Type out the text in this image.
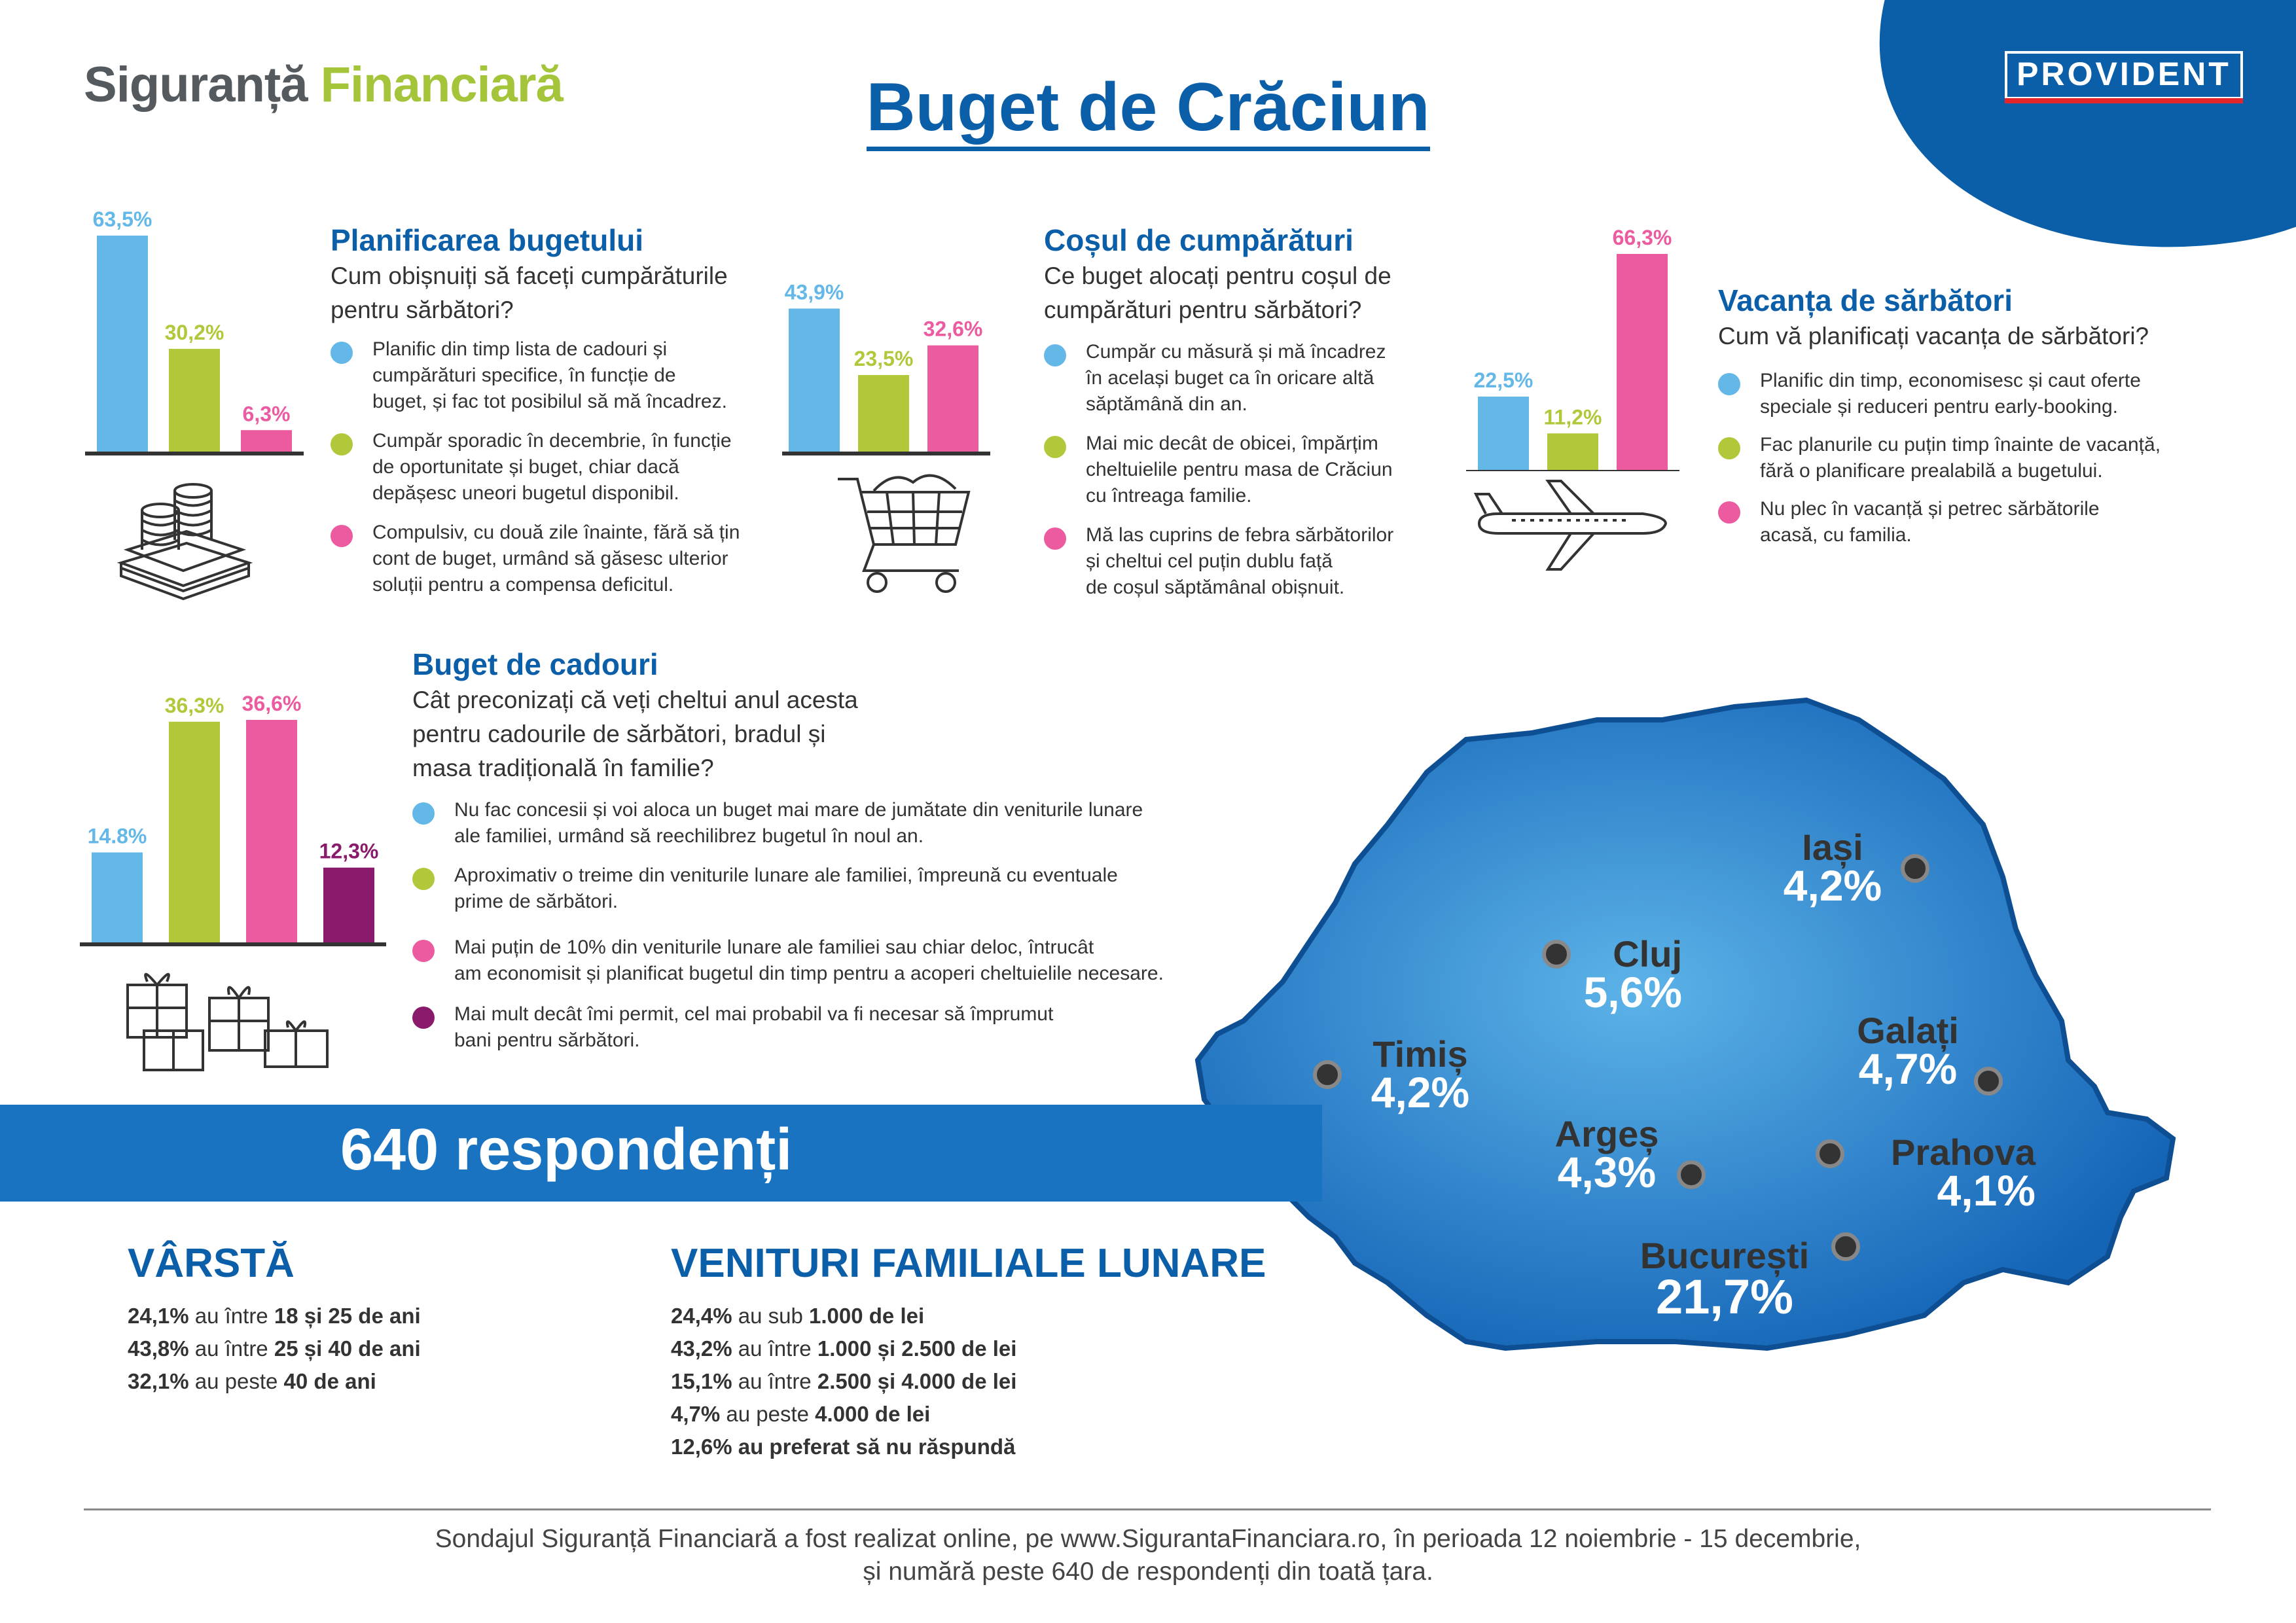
PROVIDENT
Siguranță Financiară	Buget de Crăciun
63,5%
30,2%
6,3%
43,9%
23,5%
32,6%
22,5%
11,2%
66,3%
14.8%
36,3% 36,6%
12,3%
Planificarea bugetului
Cum obișnuiți să faceți cumpărăturile
pentru sărbători?
Planific din timp lista de cadouri și
cumpărături specifice, în funcție de
buget, și fac tot posibilul să mă încadrez.
Cumpăr sporadic în decembrie, în funcție
de oportunitate și buget, chiar dacă
depășesc uneori bugetul disponibil.
Compulsiv, cu două zile înainte, fără să țin
cont de buget, urmând să găsesc ulterior
soluții pentru a compensa deficitul.
Coșul de cumpărături
Ce buget alocați pentru coșul de
cumpărături pentru sărbători?
Cumpăr cu măsură și mă încadrez
în același buget ca în oricare altă
săptămână din an.
Mai mic decât de obicei, împărțim
cheltuielile pentru masa de Crăciun
cu întreaga familie.
Mă las cuprins de febra sărbătorilor
și cheltui cel puțin dublu față
de coșul săptămânal obișnuit.
Vacanța de sărbători
Cum vă planificați vacanța de sărbători?
Planific din timp, economisesc și caut oferte
speciale și reduceri pentru early-booking.
Fac planurile cu puțin timp înainte de vacanță,
fără o planificare prealabilă a bugetului.
Nu plec în vacanță și petrec sărbătorile
acasă, cu familia.
Buget de cadouri
Cât preconizați că veți cheltui anul acesta
pentru cadourile de sărbători, bradul și
masa tradițională în familie?
Nu fac concesii și voi aloca un buget mai mare de jumătate din veniturile lunare
ale familiei, urmând să reechilibrez bugetul în noul an.
Aproximativ o treime din veniturile lunare ale familiei, împreună cu eventuale
prime de sărbători.
Mai puțin de 10% din veniturile lunare ale familiei sau chiar deloc, întrucât
am economisit și planificat bugetul din timp pentru a acoperi cheltuielile necesare.
Mai mult decât îmi permit, cel mai probabil va fi necesar să împrumut
bani pentru sărbători.
Iași
4,2%
Cluj
5,6%
Galați
4,7%
Timiș
4,2%
Argeș
4,3%	Prahova
4,1%
București
21,7%
640 respondenți
VÂRSTĂ
24,1% au între 18 și 25 de ani
43,8% au între 25 și 40 de ani
32,1% au peste 40 de ani
VENITURI FAMILIALE LUNARE
24,4% au sub 1.000 de lei
43,2% au între 1.000 și 2.500 de lei
15,1% au între 2.500 și 4.000 de lei
4,7% au peste 4.000 de lei
12,6% au preferat să nu răspundă
Sondajul Siguranță Financiară a fost realizat online, pe www.SigurantaFinanciara.ro, în perioada 12 noiembrie - 15 decembrie,
și numără peste 640 de respondenți din toată țara.
